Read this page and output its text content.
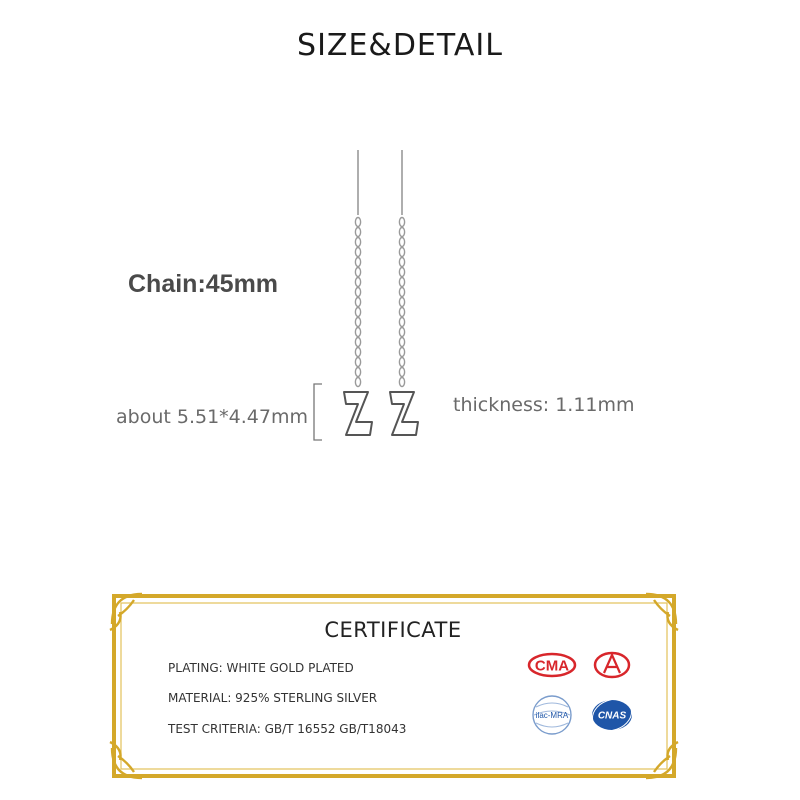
SIZE&DETAIL
Chain:45mm
about 5.51*4.47mm
thickness: 1.11mm
CERTIFICATE
PLATING: WHITE GOLD PLATED
MATERIAL: 925% STERLING SILVER
TEST CRITERIA: GB/T 16552 GB/T18043
CMA
ilac-MRA	CNAS
